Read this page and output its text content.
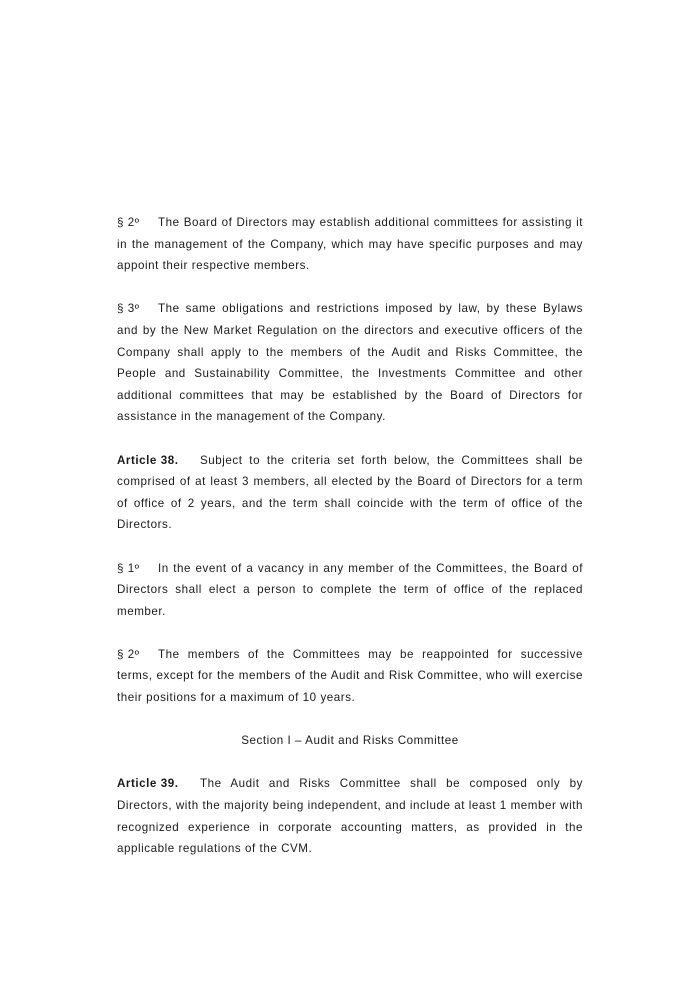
§ 2º The Board of Directors may establish additional committees for assisting it in the management of the Company, which may have specific purposes and may appoint their respective members.

§ 3º The same obligations and restrictions imposed by law, by these Bylaws and by the New Market Regulation on the directors and executive officers of the Company shall apply to the members of the Audit and Risks Committee, the People and Sustainability Committee, the Investments Committee and other additional committees that may be established by the Board of Directors for assistance in the management of the Company.

Article 38. Subject to the criteria set forth below, the Committees shall be comprised of at least 3 members, all elected by the Board of Directors for a term of office of 2 years, and the term shall coincide with the term of office of the Directors.

§ 1º In the event of a vacancy in any member of the Committees, the Board of Directors shall elect a person to complete the term of office of the replaced member.

§ 2º The members of the Committees may be reappointed for successive terms, except for the members of the Audit and Risk Committee, who will exercise their positions for a maximum of 10 years.

Section I – Audit and Risks Committee

Article 39. The Audit and Risks Committee shall be composed only by Directors, with the majority being independent, and include at least 1 member with recognized experience in corporate accounting matters, as provided in the applicable regulations of the CVM.
